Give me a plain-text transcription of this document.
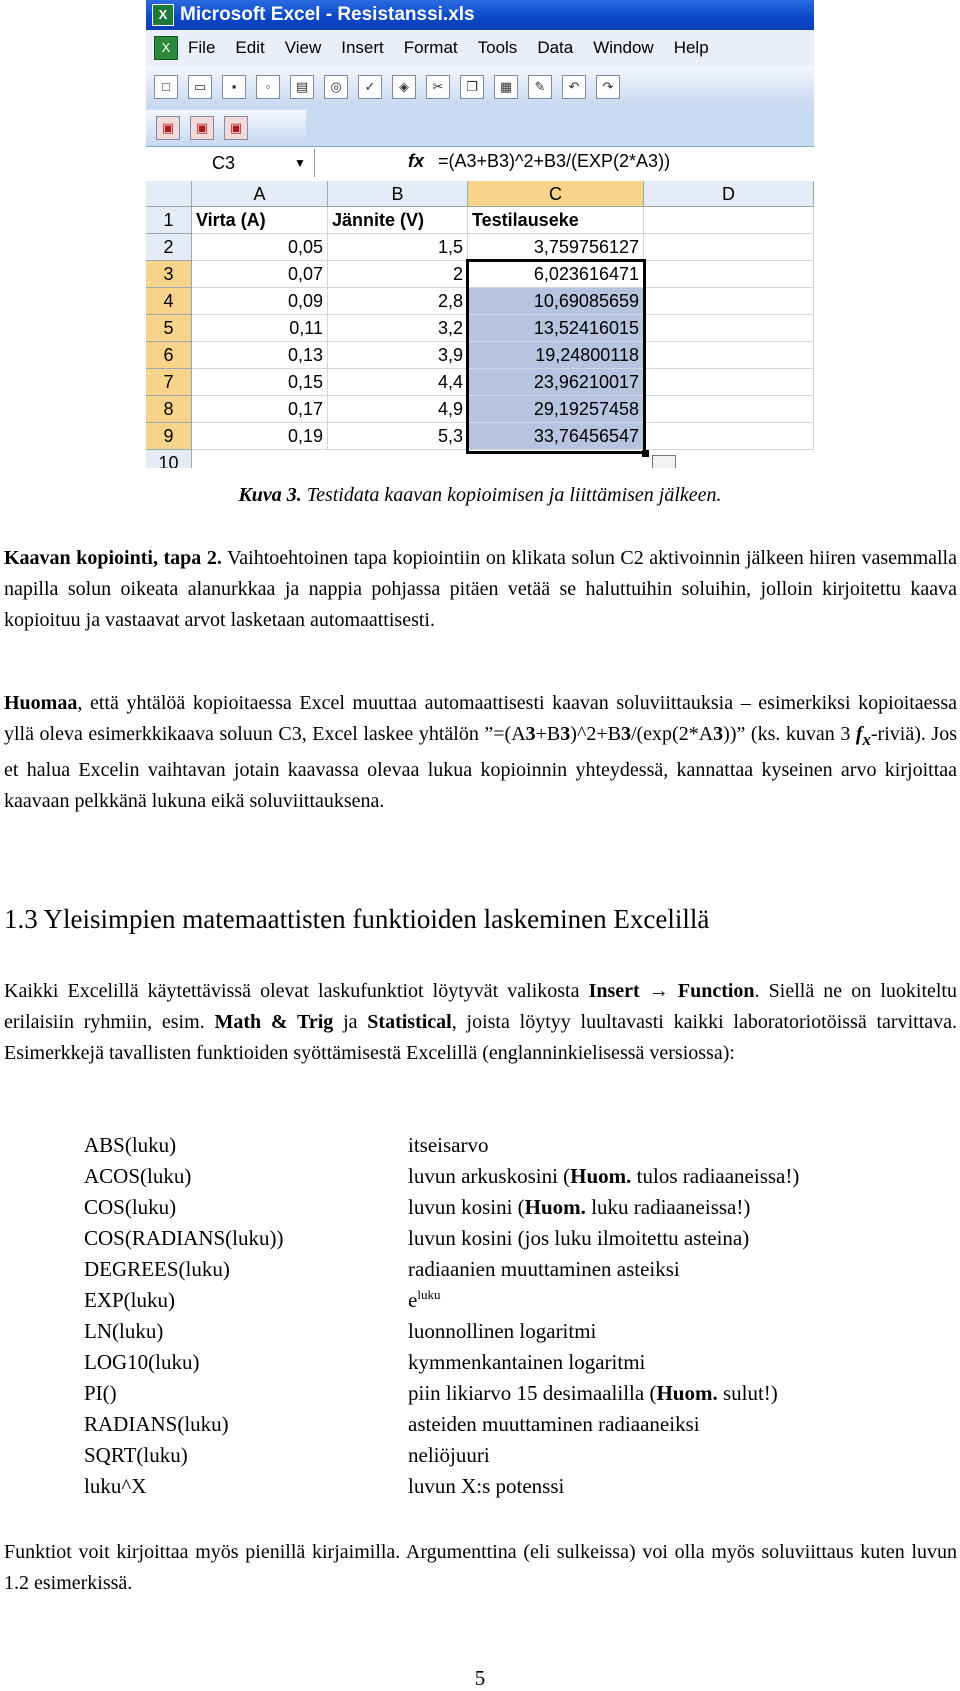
X Microsoft Excel - Resistanssi.xls
X	File Edit View Insert Format Tools Data Window Help
□	▭	▪	◦	▤	◎	✓	◈	✂	❐	▦	✎	↶	↷
▣	▣	▣
C3	▼	fx =(A3+B3)^2+B3/(EXP(2*A3))
A	B	C	D
1	Virta (A)	Jännite (V)	Testilauseke
2	0,05	1,5	3,759756127
3	0,07	2	6,023616471
4	0,09	2,8	10,69085659
5	0,11	3,2	13,52416015
6	0,13	3,9	19,24800118
7	0,15	4,4	23,96210017
8	0,17	4,9	29,19257458
9	0,19	5,3	33,76456547
10
Kuva 3. Testidata kaavan kopioimisen ja liittämisen jälkeen.
Kaavan kopiointi, tapa 2. Vaihtoehtoinen tapa kopiointiin on klikata solun C2 aktivoinnin jälkeen hiiren vasemmalla napilla solun oikeata alanurkkaa ja nappia pohjassa pitäen vetää se haluttuihin soluihin, jolloin kirjoitettu kaava kopioituu ja vastaavat arvot lasketaan automaattisesti.
Huomaa, että yhtälöä kopioitaessa Excel muuttaa automaattisesti kaavan soluviittauksia – esimerkiksi kopioitaessa yllä oleva esimerkkikaava soluun C3, Excel laskee yhtälön ”=(A3+B3)^2+B3/(exp(2*A3))” (ks. kuvan 3 $f_x-riviä$). Jos et halua Excelin vaihtavan jotain kaavassa olevaa lukua kopioinnin yhteydessä, kannattaa kyseinen arvo kirjoittaa kaavaan pelkkänä lukuna eikä soluviittauksena.
1.3 Yleisimpien matemaattisten funktioiden laskeminen Excelillä
Kaikki Excelillä käytettävissä olevat laskufunktiot löytyvät valikosta Insert → Function. Siellä ne on luokiteltu erilaisiin ryhmiin, esim. Math & Trig ja Statistical, joista löytyy luultavasti kaikki laboratoriotöissä tarvittava. Esimerkkejä tavallisten funktioiden syöttämisestä Excelillä (englanninkielisessä versiossa):
ABS(luku)	itseisarvo
ACOS(luku)	luvun arkuskosini (Huom. tulos radiaaneissa!)
COS(luku)	luvun kosini (Huom. luku radiaaneissa!)
COS(RADIANS(luku))	luvun kosini (jos luku ilmoitettu asteina)
DEGREES(luku)	radiaanien muuttaminen asteiksi
EXP(luku)	$e^{luku}$
LN(luku)	luonnollinen logaritmi
LOG10(luku)	kymmenkantainen logaritmi
PI()	piin likiarvo 15 desimaalilla (Huom. sulut!)
RADIANS(luku)	asteiden muuttaminen radiaaneiksi
SQRT(luku)	neliöjuuri
luku^X	luvun X:s potenssi
Funktiot voit kirjoittaa myös pienillä kirjaimilla. Argumenttina (eli sulkeissa) voi olla myös soluviittaus kuten luvun 1.2 esimerkissä.
5
